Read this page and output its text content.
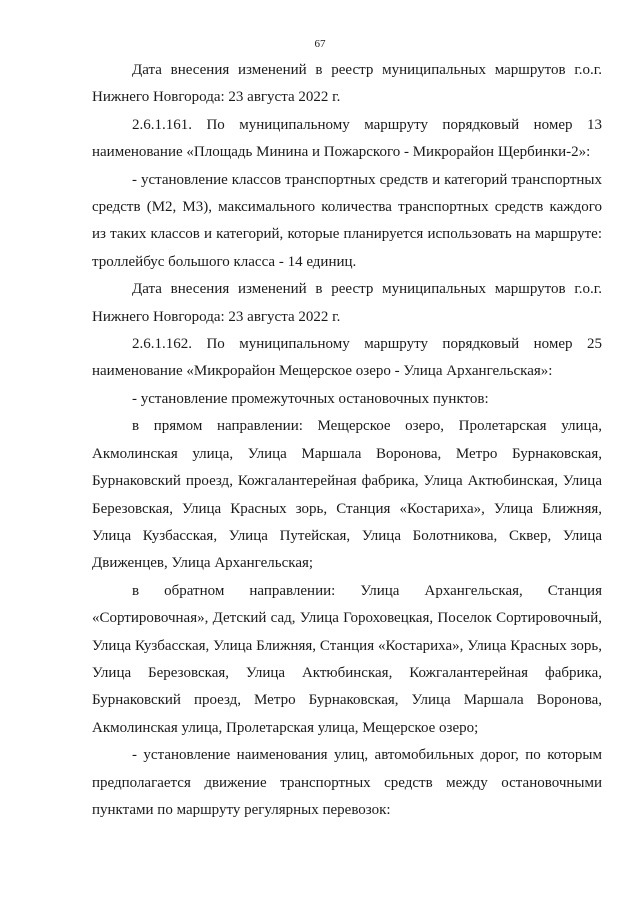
67

Дата внесения изменений в реестр муниципальных маршрутов г.о.г. Нижнего Новгорода: 23 августа 2022 г.

2.6.1.161. По муниципальному маршруту порядковый номер 13 наименование «Площадь Минина и Пожарского - Микрорайон Щербинки-2»:

- установление классов транспортных средств и категорий транспортных средств (М2, М3), максимального количества транспортных средств каждого из таких классов и категорий, которые планируется использовать на маршруте: троллейбус большого класса - 14 единиц.

Дата внесения изменений в реестр муниципальных маршрутов г.о.г. Нижнего Новгорода: 23 августа 2022 г.

2.6.1.162. По муниципальному маршруту порядковый номер 25 наименование «Микрорайон Мещерское озеро - Улица Архангельская»:

- установление промежуточных остановочных пунктов:

в прямом направлении: Мещерское озеро, Пролетарская улица, Акмолинская улица, Улица Маршала Воронова, Метро Бурнаковская, Бурнаковский проезд, Кожгалантерейная фабрика, Улица Актюбинская, Улица Березовская, Улица Красных зорь, Станция «Костариха», Улица Ближняя, Улица Кузбасская, Улица Путейская, Улица Болотникова, Сквер, Улица Движенцев, Улица Архангельская;

в обратном направлении: Улица Архангельская, Станция «Сортировочная», Детский сад, Улица Гороховецкая, Поселок Сортировочный, Улица Кузбасская, Улица Ближняя, Станция «Костариха», Улица Красных зорь, Улица Березовская, Улица Актюбинская, Кожгалантерейная фабрика, Бурнаковский проезд, Метро Бурнаковская, Улица Маршала Воронова, Акмолинская улица, Пролетарская улица, Мещерское озеро;

- установление наименования улиц, автомобильных дорог, по которым предполагается движение транспортных средств между остановочными пунктами по маршруту регулярных перевозок:
